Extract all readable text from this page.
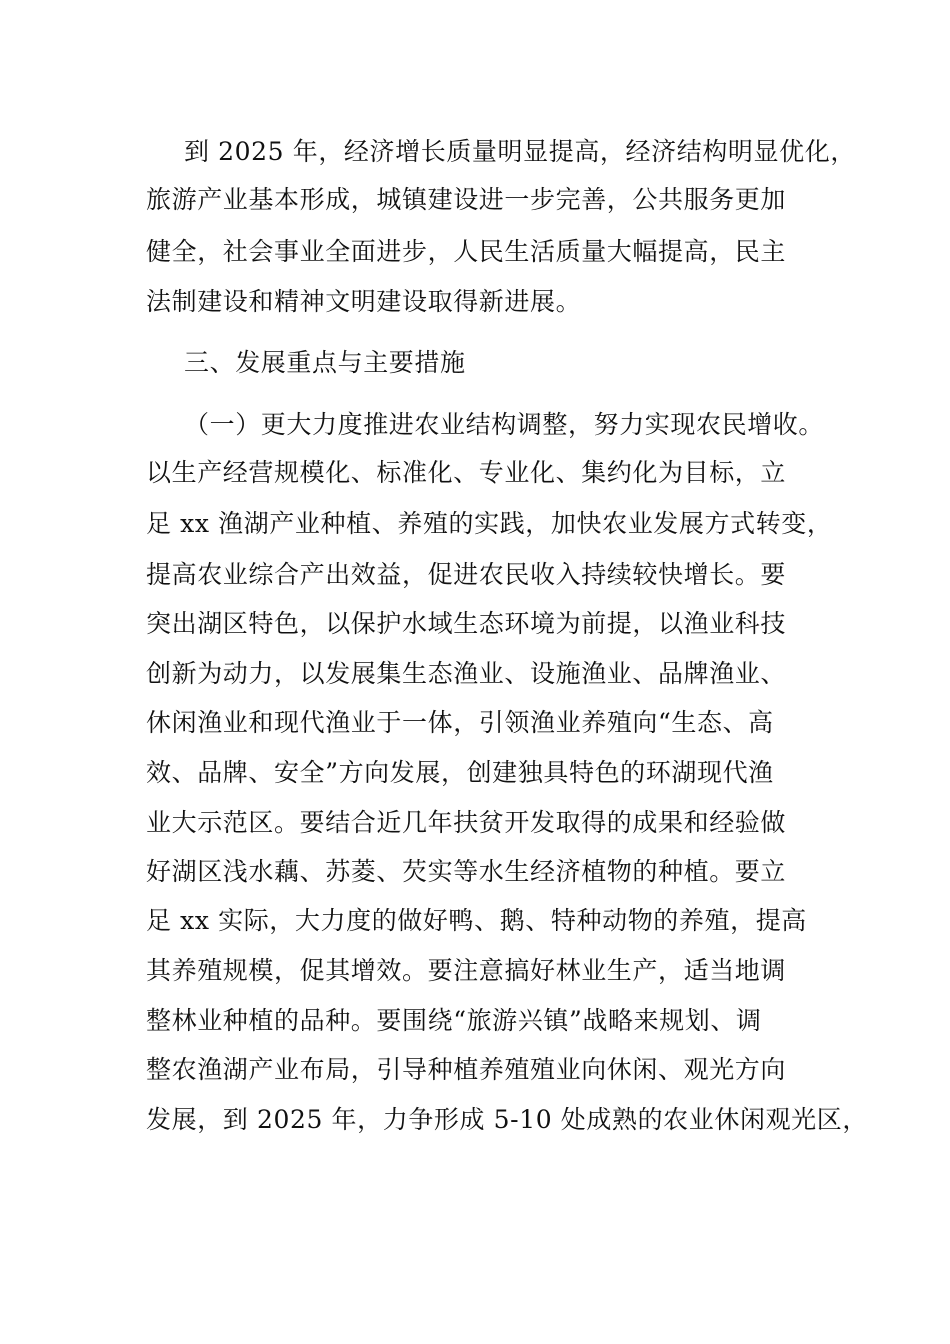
到 2025 年，经济增长质量明显提高，经济结构明显优化，
旅游产业基本形成，城镇建设进一步完善，公共服务更加
健全，社会事业全面进步，人民生活质量大幅提高，民主
法制建设和精神文明建设取得新进展。
三、发展重点与主要措施
（一）更大力度推进农业结构调整，努力实现农民增收。
以生产经营规模化、标准化、专业化、集约化为目标，立
足 xx 渔湖产业种植、养殖的实践，加快农业发展方式转变，
提高农业综合产出效益，促进农民收入持续较快增长。要
突出湖区特色，以保护水域生态环境为前提，以渔业科技
创新为动力，以发展集生态渔业、设施渔业、品牌渔业、
休闲渔业和现代渔业于一体，引领渔业养殖向“生态、高
效、品牌、安全”方向发展，创建独具特色的环湖现代渔
业大示范区。要结合近几年扶贫开发取得的成果和经验做
好湖区浅水藕、苏菱、芡实等水生经济植物的种植。要立
足 xx 实际，大力度的做好鸭、鹅、特种动物的养殖，提高
其养殖规模，促其增效。要注意搞好林业生产，适当地调
整林业种植的品种。要围绕“旅游兴镇”战略来规划、调
整农渔湖产业布局，引导种植养殖殖业向休闲、观光方向
发展，到 2025 年，力争形成 5-10 处成熟的农业休闲观光区，
